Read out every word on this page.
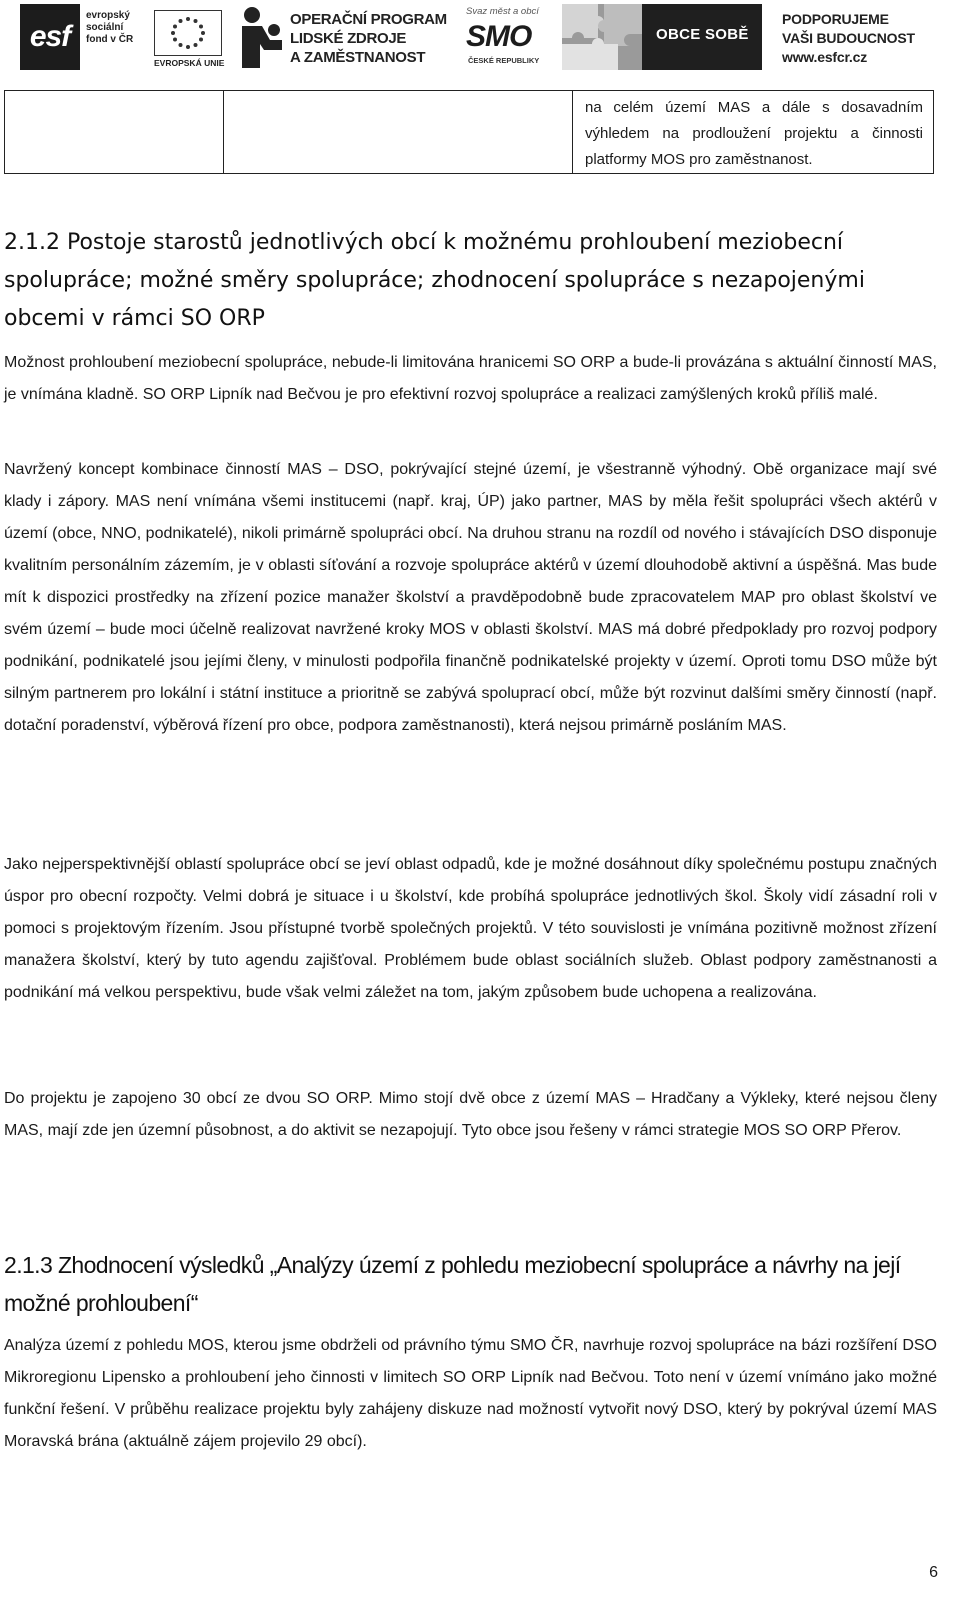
esf
evropský
sociální
fond v ČR
EVROPSKÁ UNIE
OPERAČNÍ PROGRAM
LIDSKÉ ZDROJE
A ZAMĚSTNANOST
Svaz měst a obcí
SMO
ČESKÉ REPUBLIKY
OBCE SOBĚ
PODPORUJEME
VAŠI BUDOUCNOST
www.esfcr.cz

na celém území MAS a dále s dosavadním výhledem na prodloužení projektu a činnosti platformy MOS pro zaměstnanost.
2.1.2 Postoje starostů jednotlivých obcí k možnému prohloubení meziobecní spolupráce; možné směry spolupráce; zhodnocení spolupráce s nezapojenými obcemi v rámci SO ORP

Možnost prohloubení meziobecní spolupráce, nebude-li limitována hranicemi SO ORP a bude-li provázána s aktuální činností MAS, je vnímána kladně. SO ORP Lipník nad Bečvou je pro efektivní rozvoj spolupráce a realizaci zamýšlených kroků příliš malé.

Navržený koncept kombinace činností MAS – DSO, pokrývající stejné území, je všestranně výhodný. Obě organizace mají své klady i zápory. MAS není vnímána všemi institucemi (např. kraj, ÚP) jako partner, MAS by měla řešit spolupráci všech aktérů v území (obce, NNO, podnikatelé), nikoli primárně spolupráci obcí. Na druhou stranu na rozdíl od nového i stávajících DSO disponuje kvalitním personálním zázemím, je v oblasti síťování a rozvoje spolupráce aktérů v území dlouhodobě aktivní a úspěšná. Mas bude mít k dispozici prostředky na zřízení pozice manažer školství a pravděpodobně bude zpracovatelem MAP pro oblast školství ve svém území – bude moci účelně realizovat navržené kroky MOS v oblasti školství. MAS má dobré předpoklady pro rozvoj podpory podnikání, podnikatelé jsou jejími členy, v minulosti podpořila finančně podnikatelské projekty v území. Oproti tomu DSO může být silným partnerem pro lokální i státní instituce a prioritně se zabývá spoluprací obcí, může být rozvinut dalšími směry činností (např. dotační poradenství, výběrová řízení pro obce, podpora zaměstnanosti), která nejsou primárně posláním MAS.

Jako nejperspektivnější oblastí spolupráce obcí se jeví oblast odpadů, kde je možné dosáhnout díky společnému postupu značných úspor pro obecní rozpočty. Velmi dobrá je situace i u školství, kde probíhá spolupráce jednotlivých škol. Školy vidí zásadní roli v pomoci s projektovým řízením. Jsou přístupné tvorbě společných projektů. V této souvislosti je vnímána pozitivně možnost zřízení manažera školství, který by tuto agendu zajišťoval. Problémem bude oblast sociálních služeb. Oblast podpory zaměstnanosti a podnikání má velkou perspektivu, bude však velmi záležet na tom, jakým způsobem bude uchopena a realizována.

Do projektu je zapojeno 30 obcí ze dvou SO ORP. Mimo stojí dvě obce z území MAS – Hradčany a Výkleky, které nejsou členy MAS, mají zde jen územní působnost, a do aktivit se nezapojují. Tyto obce jsou řešeny v rámci strategie MOS SO ORP Přerov.

2.1.3 Zhodnocení výsledků „Analýzy území z pohledu meziobecní spolupráce a návrhy na její možné prohloubení“

Analýza území z pohledu MOS, kterou jsme obdrželi od právního týmu SMO ČR, navrhuje rozvoj spolupráce na bázi rozšíření DSO Mikroregionu Lipensko a prohloubení jeho činnosti v limitech SO ORP Lipník nad Bečvou. Toto není v území vnímáno jako možné funkční řešení. V průběhu realizace projektu byly zahájeny diskuze nad možností vytvořit nový DSO, který by pokrýval území MAS Moravská brána (aktuálně zájem projevilo 29 obcí).

6
